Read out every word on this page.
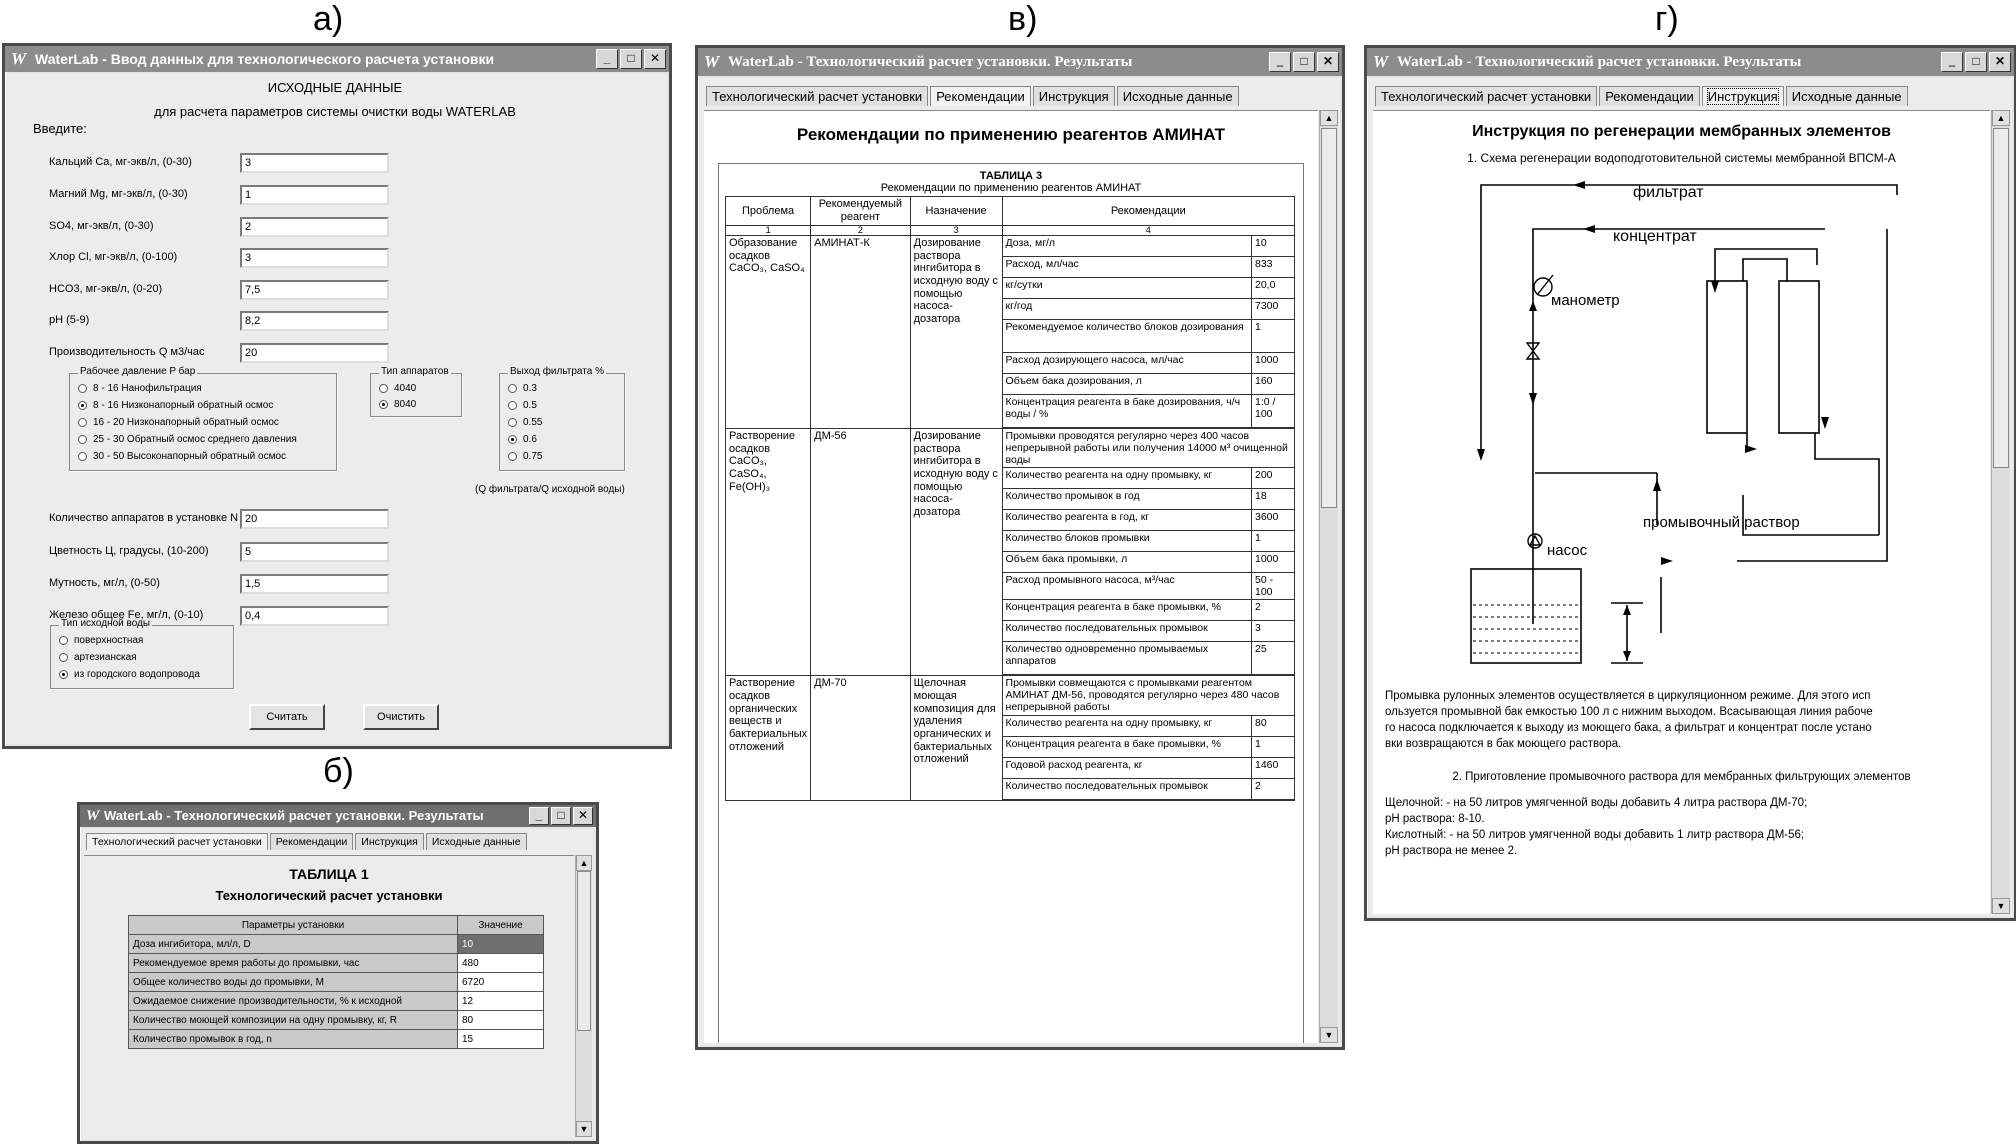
а)	в)	г)
б)
W WaterLab - Ввод данных для технологического расчета установки	_	□	✕
ИСХОДНЫЕ ДАННЫЕ
для расчета параметров системы очистки воды WATERLAB
Введите:
Рабочее давление P бар
8 - 16 Нанофильтрация
8 - 16 Низконапорный обратный осмос
16 - 20 Низконапорный обратный осмос
25 - 30 Обратный осмос среднего давления
30 - 50 Высоконапорный обратный осмос
Тип аппаратов
4040
8040
Выход фильтрата %
0.3
0.5
0.55
0.6
0.75
(Q фильтрата/Q исходной воды)
Тип исходной воды
поверхностная
артезианская
из городского водопровода
Считать	Очистить
Кальций Ca, мг-экв/л, (0-30)	3
Магний Mg, мг-экв/л, (0-30)	1
SO4, мг-экв/л, (0-30)	2
Хлор Cl, мг-экв/л, (0-100)	3
HCO3, мг-экв/л, (0-20)	7,5
pH (5-9)	8,2
Производительность Q м3/час	20
Количество аппаратов в установке N 20
Цветность Ц, градусы, (10-200)	5
Мутность, мг/л, (0-50)	1,5
Железо общее Fe, мг/л, (0-10)	0,4
W WaterLab - Технологический расчет установки. Результаты	_	□	✕
Технологический расчет установки	Рекомендации	Инструкция	Исходные данные
ТАБЛИЦА 1
Технологический расчет установки
Параметры установки	Значение
Доза ингибитора, мл/л, D	10
Рекомендуемое время работы до промывки, час	480
Общее количество воды до промывки, M	6720
Ожидаемое снижение производительности, % к исходной	12
Количество моющей композиции на одну промывку, кг, R	80
Количество промывок в год, n	15
▲
▼
W WaterLab - Технологический расчет установки. Результаты	_	□	✕
Технологический расчет установки	Рекомендации	Инструкция	Исходные данные
Рекомендации по применению реагентов АМИНАТ
ТАБЛИЦА 3
Рекомендации по применению реагентов АМИНАТ
Проблема	Рекомендуемый реагент	Назначение	Рекомендации
1	2	3	4
Образование осадков CaCO₃, CaSO₄	АМИНАТ-К	Дозирование раствора ингибитора в исходную воду с помощью насоса-дозатора	
Доза, мг/л	10
Расход, мл/час	833
кг/сутки	20,0
кг/год	7300
Рекомендуемое количество блоков дозирования	1
Расход дозирующего насоса, мл/час	1000
Объем бака дозирования, л	160
Концентрация реагента в баке дозирования, ч/ч воды / %	1:0 / 100

Растворение осадков CaCO₃, CaSO₄, Fe(OH)₃	ДМ-56	Дозирование раствора ингибитора в исходную воду с помощью насоса-дозатора	
Промывки проводятся регулярно через 400 часов непрерывной работы или получения 14000 м³ очищенной воды
Количество реагента на одну промывку, кг	200
Количество промывок в год	18
Количество реагента в год, кг	3600
Количество блоков промывки	1
Объем бака промывки, л	1000
Расход промывного насоса, м³/час	50 - 100
Концентрация реагента в баке промывки, %	2
Количество последовательных промывок	3
Количество одновременно промываемых аппаратов	25

Растворение осадков органических веществ и бактериальных отложений	ДМ-70	Щелочная моющая композиция для удаления органических и бактериальных отложений	
Промывки совмещаются с промывками реагентом АМИНАТ ДМ-56, проводятся регулярно через 480 часов непрерывной работы
Количество реагента на одну промывку, кг	80
Концентрация реагента в баке промывки, %	1
Годовой расход реагента, кг	1460
Количество последовательных промывок	2
▲
▼
W WaterLab - Технологический расчет установки. Результаты	_	□	✕
Технологический расчет установки	Рекомендации	Инструкция	Исходные данные
Инструкция по регенерации мембранных элементов
1. Схема регенерации водоподготовительной системы мембранной ВПСМ-А
фильтрат
концентрат
манометр
промывочный раствор
насос
Промывка рулонных элементов осуществляется в циркуляционном режиме. Для этого исп
ользуется промывной бак емкостью 100 л с нижним выходом. Всасывающая линия рабоче
го насоса подключается к выходу из моющего бака, а фильтрат и концентрат после устано
вки возвращаются в бак моющего раствора.
2. Приготовление промывочного раствора для мембранных фильтрующих элементов
Щелочной: - на 50 литров умягченной воды добавить 4 литра раствора ДМ-70;
pH раствора: 8-10.
Кислотный: - на 50 литров умягченной воды добавить 1 литр раствора ДМ-56;
pH раствора не менее 2.
▲
▼
